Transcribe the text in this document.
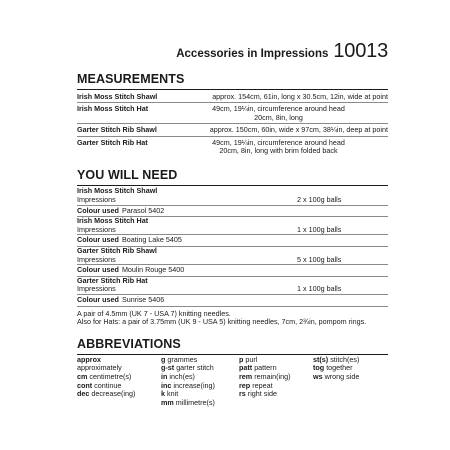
Accessories in Impressions 10013
MEASUREMENTS
Irish Moss Stitch Shawl	approx. 154cm, 61in, long x 30.5cm, 12in, wide at point
Irish Moss Stitch Hat	49cm, 19¼in, circumference around head
20cm, 8in, long
Garter Stitch Rib Shawl	approx. 150cm, 60in, wide x 97cm, 38¼in, deep at point
Garter Stitch Rib Hat	49cm, 19¼in, circumference around head
20cm, 8in, long with brim folded back
YOU WILL NEED
Irish Moss Stitch Shawl
Impressions	2 x 100g balls
Colour used Parasol 5402
Irish Moss Stitch Hat
Impressions	1 x 100g balls
Colour used Boating Lake 5405
Garter Stitch Rib Shawl
Impressions	5 x 100g balls
Colour used Moulin Rouge 5400
Garter Stitch Rib Hat
Impressions	1 x 100g balls
Colour used Sunrise 5406
A pair of 4.5mm (UK 7 - USA 7) knitting needles.
Also for Hats: a pair of 3.75mm (UK 9 - USA 5) knitting needles, 7cm, 2¾in, pompom rings.
ABBREVIATIONS
approx
approximately
cm centimetre(s)
cont continue
dec decrease(ing)
g grammes
g-st garter stitch
in inch(es)
inc increase(ing)
k knit
mm millimetre(s)
p purl
patt pattern
rem remain(ing)
rep repeat
rs right side
st(s) stitch(es)
tog together
ws wrong side
